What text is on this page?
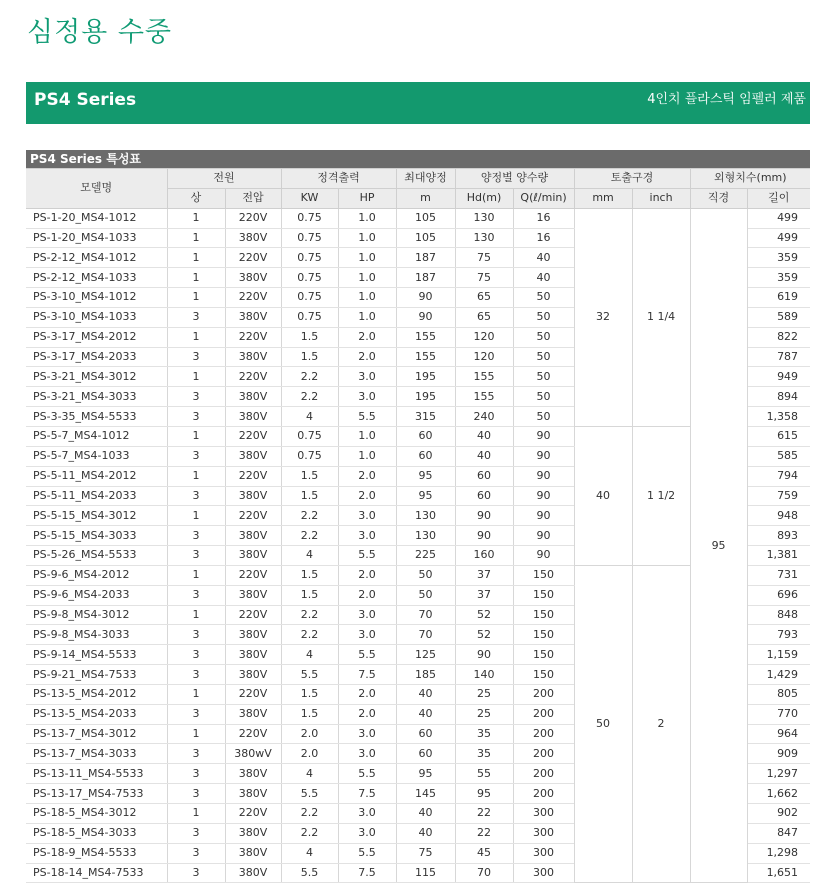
심정용 수중
PS4 Series	4인치 플라스틱 임펠러 제품
PS4 Series 특성표
모델명	전원		정격출력		최대양정	양정별 양수량		토출구경		외형치수(mm)	
	상	전압	KW	HP	m	Hd(m)	Q(ℓ/min)	mm	inch	직경	길이
PS-1-20_MS4-1012	1	220V	0.75	1.0	105	130	16	32	1 1/4	95	499
PS-1-20_MS4-1033	1	380V	0.75	1.0	105	130	16				499
PS-2-12_MS4-1012	1	220V	0.75	1.0	187	75	40				359
PS-2-12_MS4-1033	1	380V	0.75	1.0	187	75	40				359
PS-3-10_MS4-1012	1	220V	0.75	1.0	90	65	50				619
PS-3-10_MS4-1033	3	380V	0.75	1.0	90	65	50				589
PS-3-17_MS4-2012	1	220V	1.5	2.0	155	120	50				822
PS-3-17_MS4-2033	3	380V	1.5	2.0	155	120	50				787
PS-3-21_MS4-3012	1	220V	2.2	3.0	195	155	50				949
PS-3-21_MS4-3033	3	380V	2.2	3.0	195	155	50				894
PS-3-35_MS4-5533	3	380V	4	5.5	315	240	50				1,358
PS-5-7_MS4-1012	1	220V	0.75	1.0	60	40	90	40	1 1/2		615
PS-5-7_MS4-1033	3	380V	0.75	1.0	60	40	90				585
PS-5-11_MS4-2012	1	220V	1.5	2.0	95	60	90				794
PS-5-11_MS4-2033	3	380V	1.5	2.0	95	60	90				759
PS-5-15_MS4-3012	1	220V	2.2	3.0	130	90	90				948
PS-5-15_MS4-3033	3	380V	2.2	3.0	130	90	90				893
PS-5-26_MS4-5533	3	380V	4	5.5	225	160	90				1,381
PS-9-6_MS4-2012	1	220V	1.5	2.0	50	37	150	50	2		731
PS-9-6_MS4-2033	3	380V	1.5	2.0	50	37	150				696
PS-9-8_MS4-3012	1	220V	2.2	3.0	70	52	150				848
PS-9-8_MS4-3033	3	380V	2.2	3.0	70	52	150				793
PS-9-14_MS4-5533	3	380V	4	5.5	125	90	150				1,159
PS-9-21_MS4-7533	3	380V	5.5	7.5	185	140	150				1,429
PS-13-5_MS4-2012	1	220V	1.5	2.0	40	25	200				805
PS-13-5_MS4-2033	3	380V	1.5	2.0	40	25	200				770
PS-13-7_MS4-3012	1	220V	2.0	3.0	60	35	200				964
PS-13-7_MS4-3033	3	380wV	2.0	3.0	60	35	200				909
PS-13-11_MS4-5533	3	380V	4	5.5	95	55	200				1,297
PS-13-17_MS4-7533	3	380V	5.5	7.5	145	95	200				1,662
PS-18-5_MS4-3012	1	220V	2.2	3.0	40	22	300				902
PS-18-5_MS4-3033	3	380V	2.2	3.0	40	22	300				847
PS-18-9_MS4-5533	3	380V	4	5.5	75	45	300				1,298
PS-18-14_MS4-7533	3	380V	5.5	7.5	115	70	300				1,651
